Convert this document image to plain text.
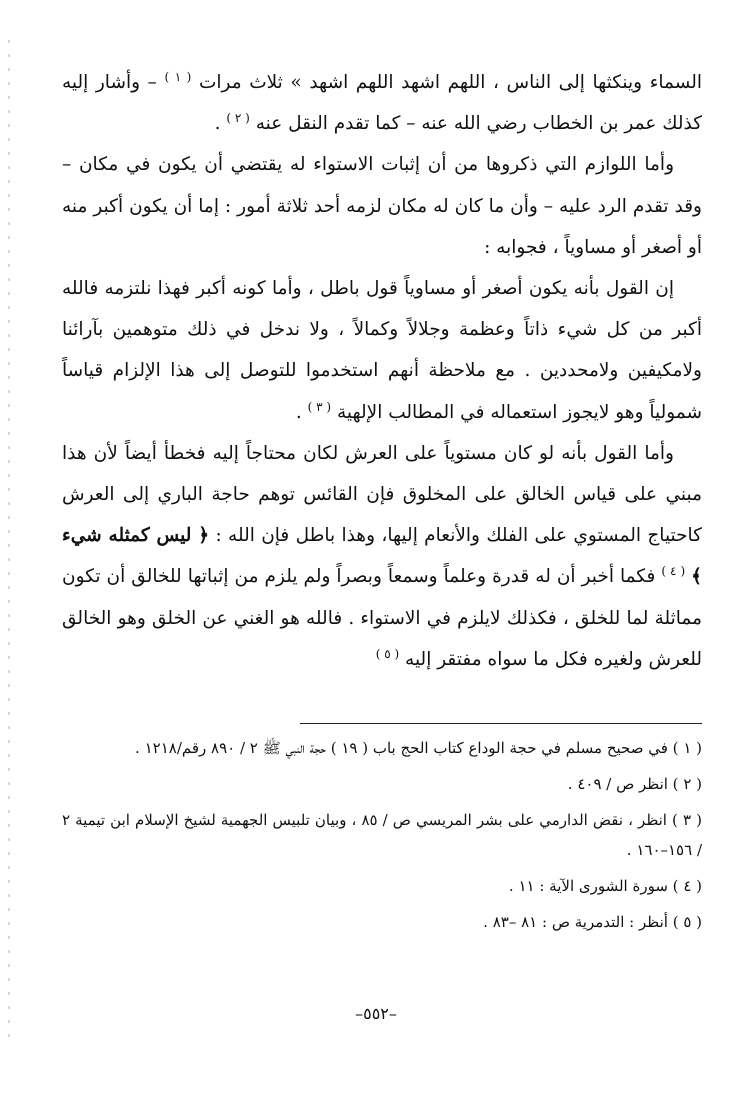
السماء وينكثها إلى الناس ، اللهم اشهد اللهم اشهد » ثلاث مرات $^{( ١ )}$ – وأشار إليه كذلك عمر بن الخطاب رضي الله عنه – كما تقدم النقل عنه $^{( ٢ )}$ .

وأما اللوازم التي ذكروها من أن إثبات الاستواء له يقتضي أن يكون في مكان – وقد تقدم الرد عليه – وأن ما كان له مكان لزمه أحد ثلاثة أمور : إما أن يكون أكبر منه أو أصغر أو مساوياً ، فجوابه :

إن القول بأنه يكون أصغر أو مساوياً قول باطل ، وأما كونه أكبر فهذا نلتزمه فالله أكبر من كل شيء ذاتاً وعظمة وجلالاً وكمالاً ، ولا ندخل في ذلك متوهمين بآرائنا ولامكيفين ولامحددين . مع ملاحظة أنهم استخدموا للتوصل إلى هذا الإلزام قياساً شمولياً وهو لايجوز استعماله في المطالب الإلهية $^{( ٣ )}$ .

وأما القول بأنه لو كان مستوياً على العرش لكان محتاجاً إليه فخطأ أيضاً لأن هذا مبني على قياس الخالق على المخلوق فإن القائس توهم حاجة الباري إلى العرش كاحتياج المستوي على الفلك والأنعام إليها، وهذا باطل فإن الله : ﴿ ليس كمثله شيء ﴾ $^{( ٤ )}$ فكما أخبر أن له قدرة وعلماً وسمعاً وبصراً ولم يلزم من إثباتها للخالق أن تكون مماثلة لما للخلق ، فكذلك لايلزم في الاستواء . فالله هو الغني عن الخلق وهو الخالق للعرش ولغيره فكل ما سواه مفتقر إليه $^{( ٥ )}$

( ١ ) في صحيح مسلم في حجة الوداع كتاب الحج باب ( ١٩ ) حجة النبي ﷺ ٢ / ٨٩٠ رقم/١٢١٨ .
( ٢ ) انظر ص / ٤٠٩ .
( ٣ ) انظر ، نقض الدارمي على بشر المريسي ص / ٨٥ ، وبيان تلبيس الجهمية لشيخ الإسلام ابن تيمية ٢ / ١٥٦–١٦٠ .
( ٤ ) سورة الشورى الآية : ١١ .
( ٥ ) أنظر : التدمرية ص : ٨١ –٨٣ .
–٥٥٢–
